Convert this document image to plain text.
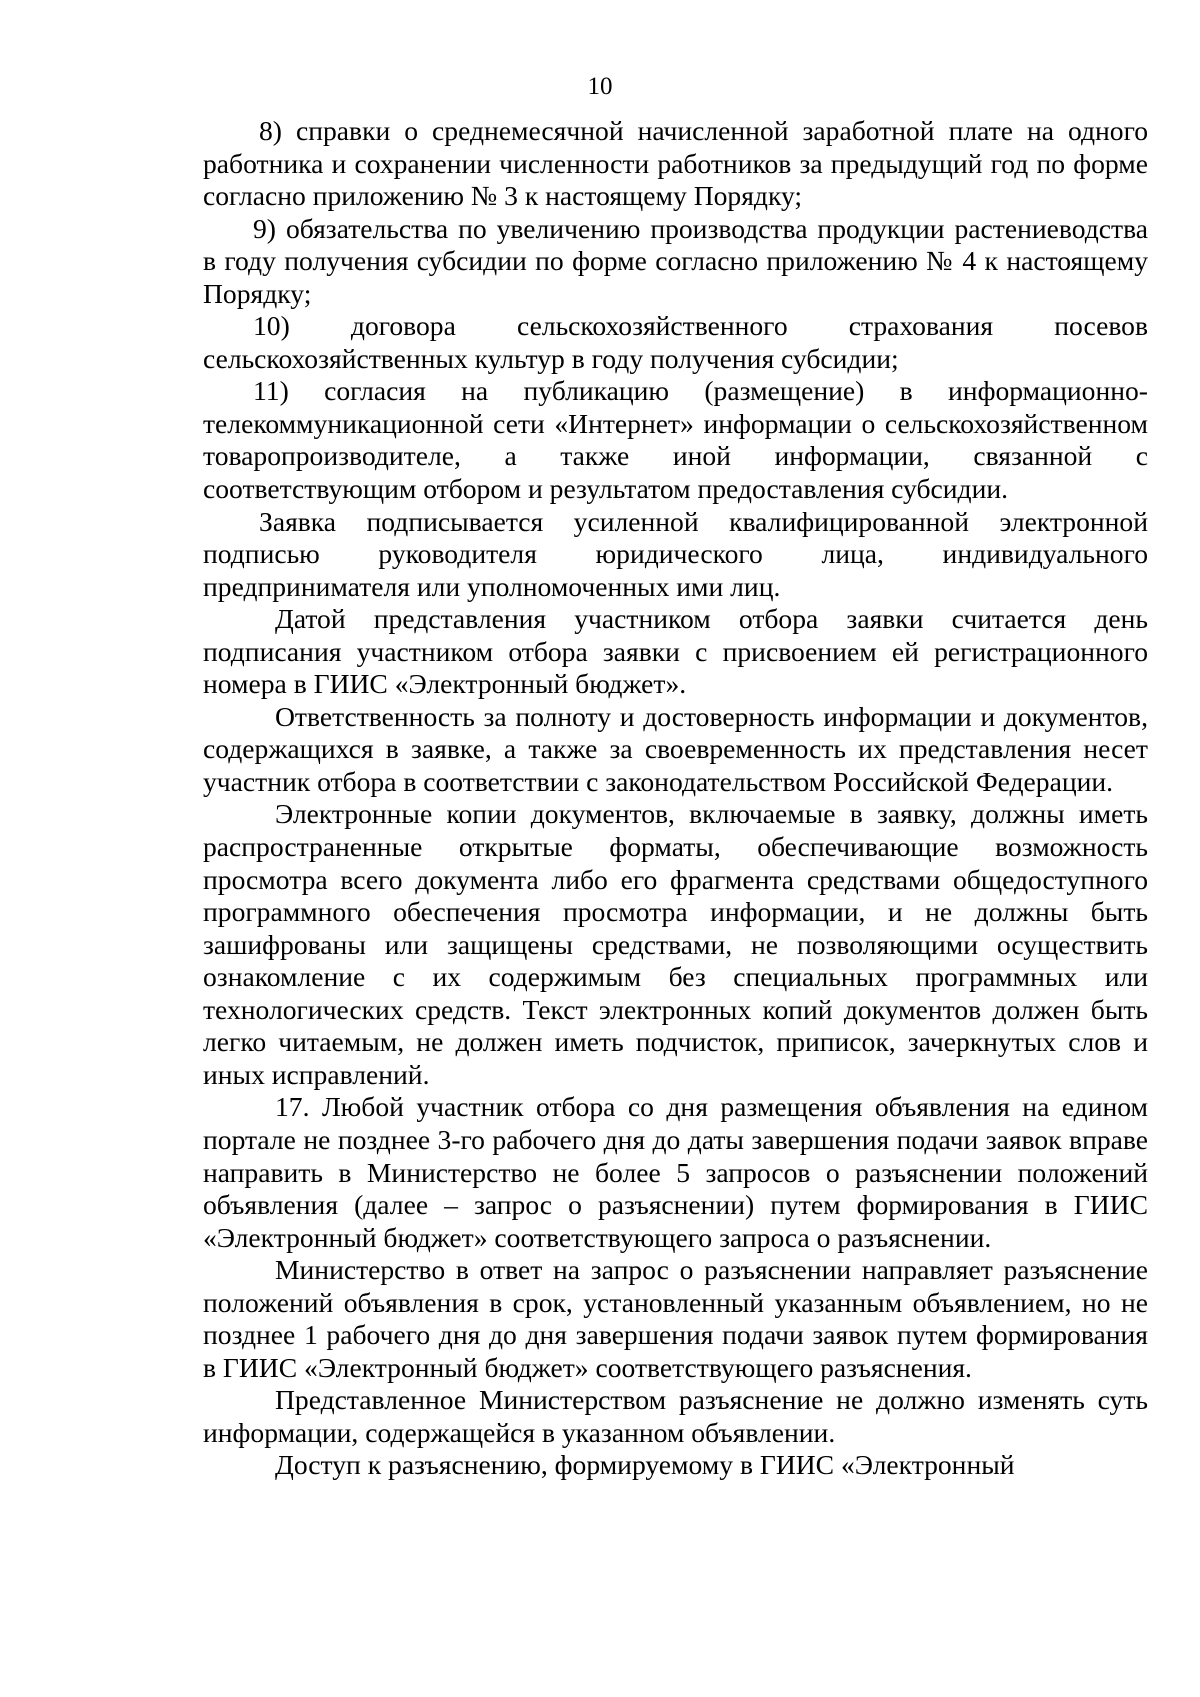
10

8) справки о среднемесячной начисленной заработной плате на одного работника и сохранении численности работников за предыдущий год по форме согласно приложению № 3 к настоящему Порядку;

9) обязательства по увеличению производства продукции растениеводства в году получения субсидии по форме согласно приложению № 4 к настоящему Порядку;

10) договора сельскохозяйственного страхования посевов сельскохозяйственных культур в году получения субсидии;

11) согласия на публикацию (размещение) в информационно-телекоммуникационной сети «Интернет» информации о сельскохозяйственном товаропроизводителе, а также иной информации, связанной с соответствующим отбором и результатом предоставления субсидии.

Заявка подписывается усиленной квалифицированной электронной подписью руководителя юридического лица, индивидуального предпринимателя или уполномоченных ими лиц.

Датой представления участником отбора заявки считается день подписания участником отбора заявки с присвоением ей регистрационного номера в ГИИС «Электронный бюджет».

Ответственность за полноту и достоверность информации и документов, содержащихся в заявке, а также за своевременность их представления несет участник отбора в соответствии с законодательством Российской Федерации.

Электронные копии документов, включаемые в заявку, должны иметь распространенные открытые форматы, обеспечивающие возможность просмотра всего документа либо его фрагмента средствами общедоступного программного обеспечения просмотра информации, и не должны быть зашифрованы или защищены средствами, не позволяющими осуществить ознакомление с их содержимым без специальных программных или технологических средств. Текст электронных копий документов должен быть легко читаемым, не должен иметь подчисток, приписок, зачеркнутых слов и иных исправлений.

17. Любой участник отбора со дня размещения объявления на едином портале не позднее 3-го рабочего дня до даты завершения подачи заявок вправе направить в Министерство не более 5 запросов о разъяснении положений объявления (далее – запрос о разъяснении) путем формирования в ГИИС «Электронный бюджет» соответствующего запроса о разъяснении.

Министерство в ответ на запрос о разъяснении направляет разъяснение положений объявления в срок, установленный указанным объявлением, но не позднее 1 рабочего дня до дня завершения подачи заявок путем формирования в ГИИС «Электронный бюджет» соответствующего разъяснения.

Представленное Министерством разъяснение не должно изменять суть информации, содержащейся в указанном объявлении.

Доступ к разъяснению, формируемому в ГИИС «Электронный
